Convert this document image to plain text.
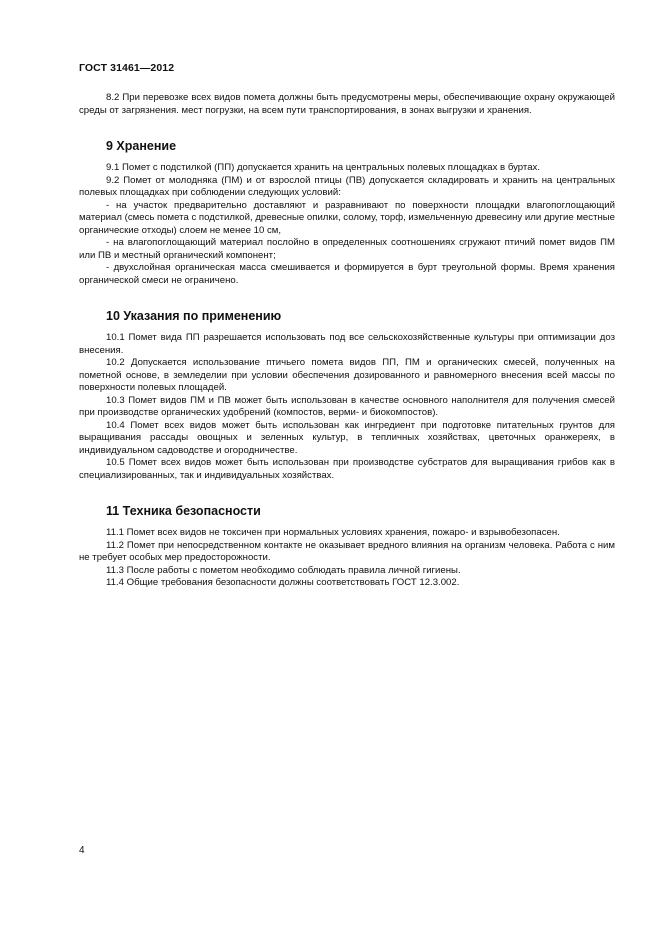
ГОСТ 31461—2012

8.2 При перевозке всех видов помета должны быть предусмотрены меры, обеспечивающие охрану окружающей среды от загрязнения. мест погрузки, на всем пути транспортирования, в зонах выгрузки и хранения.

9 Хранение

9.1 Помет с подстилкой (ПП) допускается хранить на центральных полевых площадках в буртах.

9.2 Помет от молодняка (ПМ) и от взрослой птицы (ПВ) допускается складировать и хранить на центральных полевых площадках при соблюдении следующих условий:

- на участок предварительно доставляют и разравнивают по поверхности площадки влагопоглощающий материал (смесь помета с подстилкой, древесные опилки, солому, торф, измельченную древесину или другие местные органические отходы) слоем не менее 10 см,

- на влагопоглощающий материал послойно в определенных соотношениях сгружают птичий помет видов ПМ или ПВ и местный органический компонент;

- двухслойная органическая масса смешивается и формируется в бурт треугольной формы. Время хранения органической смеси не ограничено.

10 Указания по применению

10.1 Помет вида ПП разрешается использовать под все сельскохозяйственные культуры при оптимизации доз внесения.

10.2 Допускается использование птичьего помета видов ПП, ПМ и органических смесей, полученных на пометной основе, в земледелии при условии обеспечения дозированного и равномерного внесения всей массы по поверхности полевых площадей.

10.3 Помет видов ПМ и ПВ может быть использован в качестве основного наполнителя для получения смесей при производстве органических удобрений (компостов, верми- и биокомпостов).

10.4 Помет всех видов может быть использован как ингредиент при подготовке питательных грунтов для выращивания рассады овощных и зеленных культур, в тепличных хозяйствах, цветочных оранжереях, в индивидуальном садоводстве и огородничестве.

10.5 Помет всех видов может быть использован при производстве субстратов для выращивания грибов как в специализированных, так и индивидуальных хозяйствах.

11 Техника безопасности

11.1 Помет всех видов не токсичен при нормальных условиях хранения, пожаро- и взрывобезопасен.

11.2 Помет при непосредственном контакте не оказывает вредного влияния на организм человека. Работа с ним не требует особых мер предосторожности.

11.3 После работы с пометом необходимо соблюдать правила личной гигиены.

11.4 Общие требования безопасности должны соответствовать ГОСТ 12.3.002.

4
